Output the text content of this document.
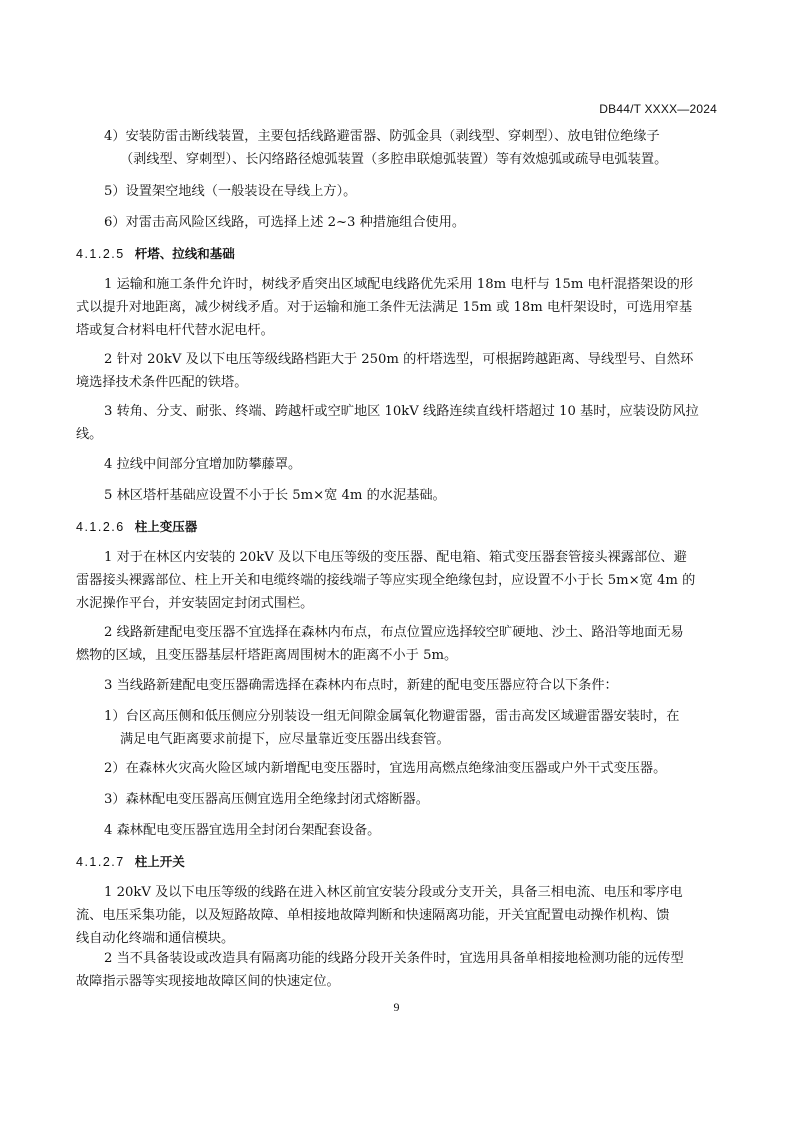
DB44/T XXXX—2024
4）安装防雷击断线装置，主要包括线路避雷器、防弧金具（剥线型、穿刺型）、放电钳位绝缘子
（剥线型、穿刺型）、长闪络路径熄弧装置（多腔串联熄弧装置）等有效熄弧或疏导电弧装置。
5）设置架空地线（一般装设在导线上方）。
6）对雷击高风险区线路，可选择上述 2~3 种措施组合使用。
4.1.2.5 杆塔、拉线和基础
1 运输和施工条件允许时，树线矛盾突出区域配电线路优先采用 18m 电杆与 15m 电杆混搭架设的形
式以提升对地距离，减少树线矛盾。对于运输和施工条件无法满足 15m 或 18m 电杆架设时，可选用窄基
塔或复合材料电杆代替水泥电杆。
2 针对 20kV 及以下电压等级线路档距大于 250m 的杆塔选型，可根据跨越距离、导线型号、自然环
境选择技术条件匹配的铁塔。
3 转角、分支、耐张、终端、跨越杆或空旷地区 10kV 线路连续直线杆塔超过 10 基时，应装设防风拉
线。
4 拉线中间部分宜增加防攀藤罩。
5 林区塔杆基础应设置不小于长 5m×宽 4m 的水泥基础。
4.1.2.6 柱上变压器
1 对于在林区内安装的 20kV 及以下电压等级的变压器、配电箱、箱式变压器套管接头裸露部位、避
雷器接头裸露部位、柱上开关和电缆终端的接线端子等应实现全绝缘包封，应设置不小于长 5m×宽 4m 的
水泥操作平台，并安装固定封闭式围栏。
2 线路新建配电变压器不宜选择在森林内布点，布点位置应选择较空旷硬地、沙土、路沿等地面无易
燃物的区域，且变压器基层杆塔距离周围树木的距离不小于 5m。
3 当线路新建配电变压器确需选择在森林内布点时，新建的配电变压器应符合以下条件：
1）台区高压侧和低压侧应分别装设一组无间隙金属氧化物避雷器，雷击高发区域避雷器安装时，在
满足电气距离要求前提下，应尽量靠近变压器出线套管。
2）在森林火灾高火险区域内新增配电变压器时，宜选用高燃点绝缘油变压器或户外干式变压器。
3）森林配电变压器高压侧宜选用全绝缘封闭式熔断器。
4 森林配电变压器宜选用全封闭台架配套设备。
4.1.2.7 柱上开关
1 20kV 及以下电压等级的线路在进入林区前宜安装分段或分支开关，具备三相电流、电压和零序电
流、电压采集功能，以及短路故障、单相接地故障判断和快速隔离功能，开关宜配置电动操作机构、馈
线自动化终端和通信模块。
2 当不具备装设或改造具有隔离功能的线路分段开关条件时，宜选用具备单相接地检测功能的远传型
故障指示器等实现接地故障区间的快速定位。
9
